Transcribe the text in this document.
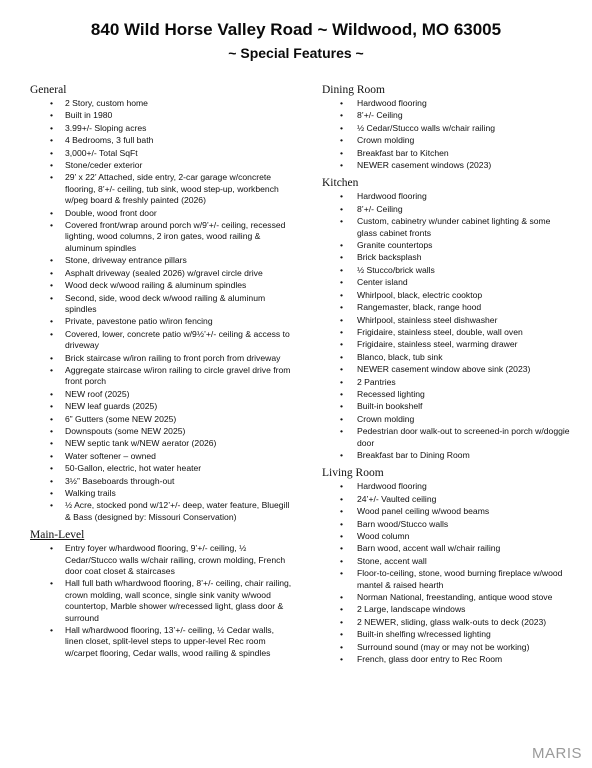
840 Wild Horse Valley Road ~ Wildwood, MO 63005
~ Special Features ~
General
• 2 Story, custom home
• Built in 1980
• 3.99+/- Sloping acres
• 4 Bedrooms, 3 full bath
• 3,000+/- Total SqFt
• Stone/ceder exterior
• 29’ x 22’ Attached, side entry, 2-car garage w/concrete flooring, 8’+/- ceiling, tub sink, wood step-up, workbench w/peg board & freshly painted (2026)
• Double, wood front door
• Covered front/wrap around porch w/9’+/- ceiling, recessed lighting, wood columns, 2 iron gates, wood railing & aluminum spindles
• Stone, driveway entrance pillars
• Asphalt driveway (sealed 2026) w/gravel circle drive
• Wood deck w/wood railing & aluminum spindles
• Second, side, wood deck w/wood railing & aluminum spindles
• Private, pavestone patio w/iron fencing
• Covered, lower, concrete patio w/9½’+/- ceiling & access to driveway
• Brick staircase w/iron railing to front porch from driveway
• Aggregate staircase w/iron railing to circle gravel drive from front porch
• NEW roof (2025)
• NEW leaf guards (2025)
• 6” Gutters (some NEW 2025)
• Downspouts (some NEW 2025)
• NEW septic tank w/NEW aerator (2026)
• Water softener – owned
• 50-Gallon, electric, hot water heater
• 3½” Baseboards through-out
• Walking trails
• ½ Acre, stocked pond w/12’+/- deep, water feature, Bluegill & Bass (designed by: Missouri Conservation)
Main-Level
• Entry foyer w/hardwood flooring, 9’+/- ceiling, ½ Cedar/Stucco walls w/chair railing, crown molding, French door coat closet & staircases
• Hall full bath w/hardwood flooring, 8’+/- ceiling, chair railing, crown molding, wall sconce, single sink vanity w/wood countertop, Marble shower w/recessed light, glass door & surround
• Hall w/hardwood flooring, 13’+/- ceiling, ½ Cedar walls, linen closet, split-level steps to upper-level Rec room w/carpet flooring, Cedar walls, wood railing & spindles
Dining Room
• Hardwood flooring
• 8’+/- Ceiling
• ½ Cedar/Stucco walls w/chair railing
• Crown molding
• Breakfast bar to Kitchen
• NEWER casement windows (2023)
Kitchen
• Hardwood flooring
• 8’+/- Ceiling
• Custom, cabinetry w/under cabinet lighting & some glass cabinet fronts
• Granite countertops
• Brick backsplash
• ½ Stucco/brick walls
• Center island
• Whirlpool, black, electric cooktop
• Rangemaster, black, range hood
• Whirlpool, stainless steel dishwasher
• Frigidaire, stainless steel, double, wall oven
• Frigidaire, stainless steel, warming drawer
• Blanco, black, tub sink
• NEWER casement window above sink (2023)
• 2 Pantries
• Recessed lighting
• Built-in bookshelf
• Crown molding
• Pedestrian door walk-out to screened-in porch w/doggie door
• Breakfast bar to Dining Room
Living Room
• Hardwood flooring
• 24’+/- Vaulted ceiling
• Wood panel ceiling w/wood beams
• Barn wood/Stucco walls
• Wood column
• Barn wood, accent wall w/chair railing
• Stone, accent wall
• Floor-to-ceiling, stone, wood burning fireplace w/wood mantel & raised hearth
• Norman National, freestanding, antique wood stove
• 2 Large, landscape windows
• 2 NEWER, sliding, glass walk-outs to deck (2023)
• Built-in shelfing w/recessed lighting
• Surround sound (may or may not be working)
• French, glass door entry to Rec Room
MARIS
